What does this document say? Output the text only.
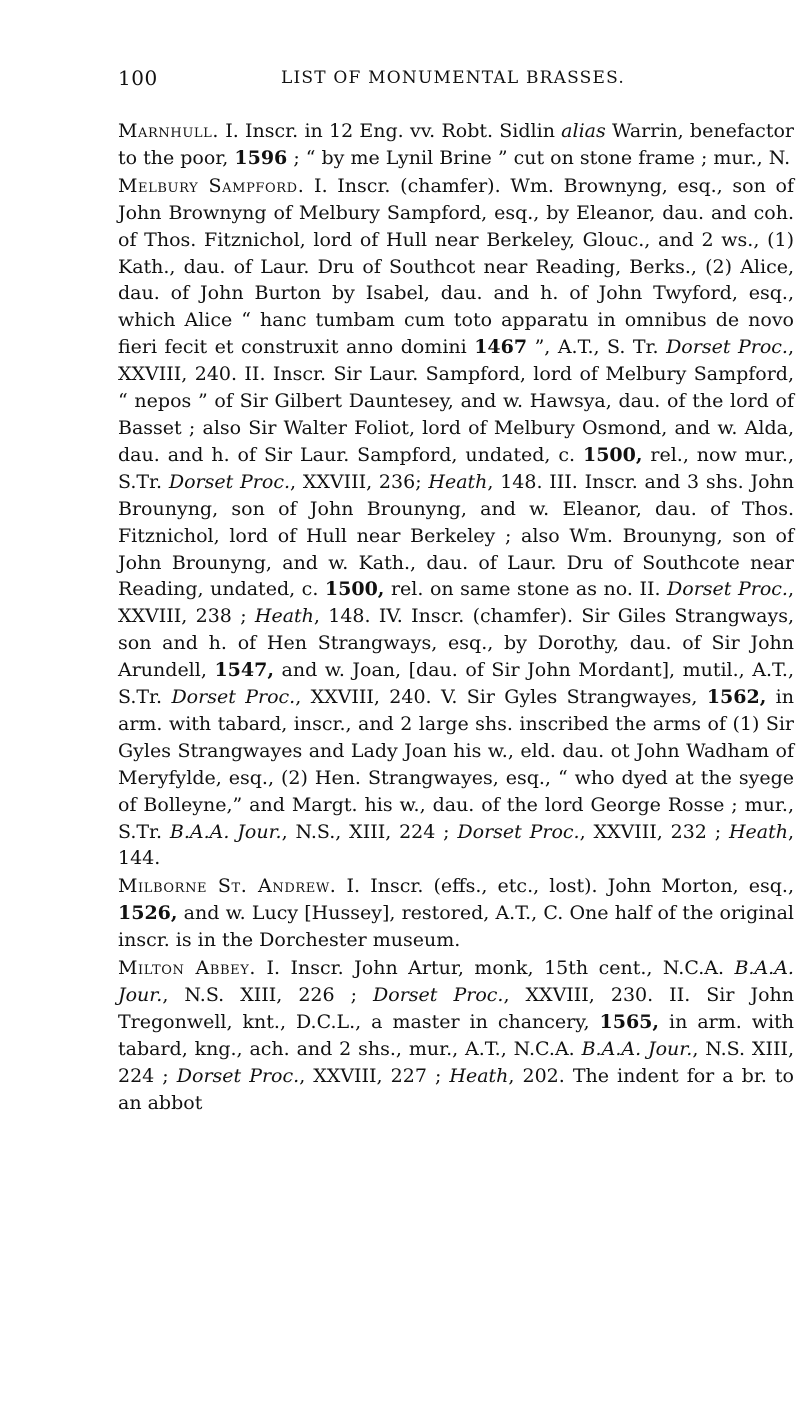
100	LIST OF MONUMENTAL BRASSES.

Marnhull. I. Inscr. in 12 Eng. vv. Robt. Sidlin alias Warrin, benefactor to the poor, 1596 ; “ by me Lynil Brine ” cut on stone frame ; mur., N.

Melbury Sampford. I. Inscr. (chamfer). Wm. Brownyng, esq., son of John Brownyng of Melbury Sampford, esq., by Eleanor, dau. and coh. of Thos. Fitznichol, lord of Hull near Berkeley, Glouc., and 2 ws., (1) Kath., dau. of Laur. Dru of Southcot near Reading, Berks., (2) Alice, dau. of John Burton by Isabel, dau. and h. of John Twyford, esq., which Alice “ hanc tumbam cum toto apparatu in omnibus de novo fieri fecit et construxit anno domini 1467 ”, A.T., S. Tr. Dorset Proc., XXVIII, 240. II. Inscr. Sir Laur. Sampford, lord of Melbury Sampford, “ nepos ” of Sir Gilbert Dauntesey, and w. Hawsya, dau. of the lord of Basset ; also Sir Walter Foliot, lord of Melbury Osmond, and w. Alda, dau. and h. of Sir Laur. Sampford, undated, c. 1500, rel., now mur., S.Tr. Dorset Proc., XXVIII, 236; Heath, 148. III. Inscr. and 3 shs. John Brounyng, son of John Brounyng, and w. Eleanor, dau. of Thos. Fitznichol, lord of Hull near Berkeley ; also Wm. Brounyng, son of John Brounyng, and w. Kath., dau. of Laur. Dru of Southcote near Reading, undated, c. 1500, rel. on same stone as no. II. Dorset Proc., XXVIII, 238 ; Heath, 148. IV. Inscr. (chamfer). Sir Giles Strangways, son and h. of Hen Strangways, esq., by Dorothy, dau. of Sir John Arundell, 1547, and w. Joan, [dau. of Sir John Mordant], mutil., A.T., S.Tr. Dorset Proc., XXVIII, 240. V. Sir Gyles Strangwayes, 1562, in arm. with tabard, inscr., and 2 large shs. inscribed the arms of (1) Sir Gyles Strangwayes and Lady Joan his w., eld. dau. ot John Wadham of Meryfylde, esq., (2) Hen. Strangwayes, esq., “ who dyed at the syege of Bolleyne,” and Margt. his w., dau. of the lord George Rosse ; mur., S.Tr. B.A.A. Jour., N.S., XIII, 224 ; Dorset Proc., XXVIII, 232 ; Heath, 144.

Milborne St. Andrew. I. Inscr. (effs., etc., lost). John Morton, esq., 1526, and w. Lucy [Hussey], restored, A.T., C. One half of the original inscr. is in the Dorchester museum.

Milton Abbey. I. Inscr. John Artur, monk, 15th cent., N.C.A. B.A.A. Jour., N.S. XIII, 226 ; Dorset Proc., XXVIII, 230. II. Sir John Tregonwell, knt., D.C.L., a master in chancery, 1565, in arm. with tabard, kng., ach. and 2 shs., mur., A.T., N.C.A. B.A.A. Jour., N.S. XIII, 224 ; Dorset Proc., XXVIII, 227 ; Heath, 202. The indent for a br. to an abbot
